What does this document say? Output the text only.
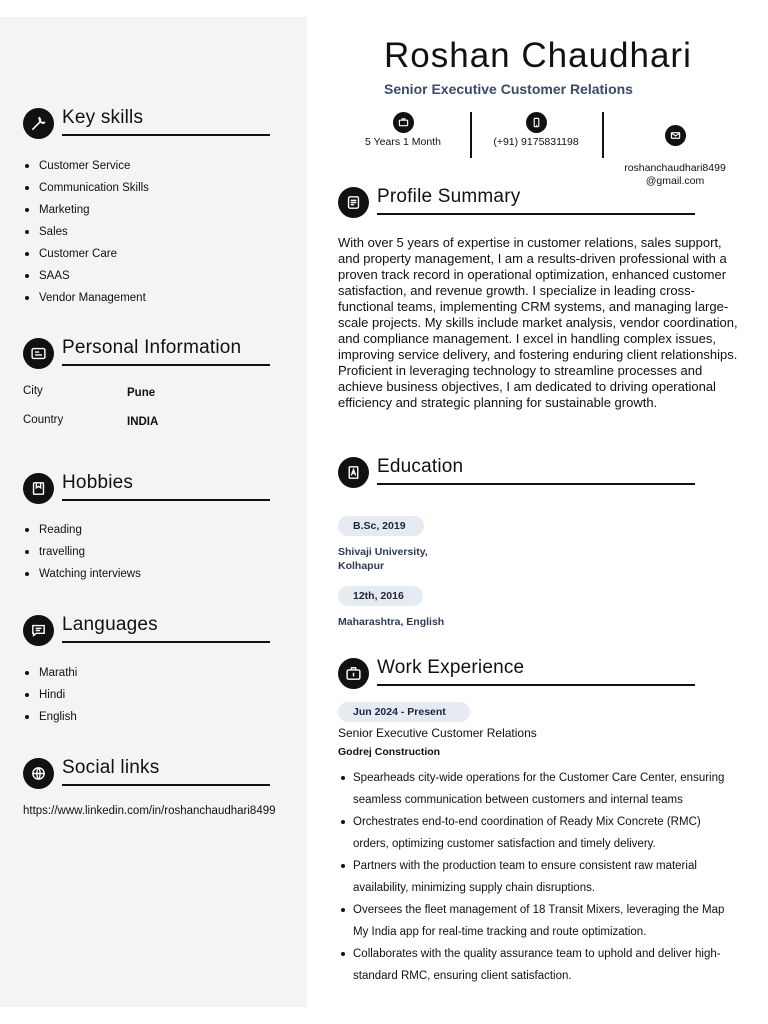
Key skills
Customer Service
Communication Skills
Marketing
Sales
Customer Care
SAAS
Vendor Management
Personal Information
City	Pune
Country	INDIA
Hobbies
Reading
travelling
Watching interviews
Languages
Marathi
Hindi
English
Social links
https://www.linkedin.com/in/roshanchaudhari8499
Roshan Chaudhari
Senior Executive Customer Relations
5 Years 1 Month	(+91) 9175831198

roshanchaudhari8499
@gmail.com

Profile Summary
With over 5 years of expertise in customer relations, sales support, and property management, I am a results-driven professional with a proven track record in operational optimization, enhanced customer satisfaction, and revenue growth. I specialize in leading cross-functional teams, implementing CRM systems, and managing large-scale projects. My skills include market analysis, vendor coordination, and compliance management. I excel in handling complex issues, improving service delivery, and fostering enduring client relationships. Proficient in leveraging technology to streamline processes and achieve business objectives, I am dedicated to driving operational efficiency and strategic planning for sustainable growth.
Education
B.Sc, 2019
Shivaji University,
Kolhapur
12th, 2016
Maharashtra, English
Work Experience
Jun 2024 - Present
Senior Executive Customer Relations
Godrej Construction
Spearheads city-wide operations for the Customer Care Center, ensuring seamless communication between customers and internal teams
Orchestrates end-to-end coordination of Ready Mix Concrete (RMC) orders, optimizing customer satisfaction and timely delivery.
Partners with the production team to ensure consistent raw material availability, minimizing supply chain disruptions.
Oversees the fleet management of 18 Transit Mixers, leveraging the Map My India app for real-time tracking and route optimization.
Collaborates with the quality assurance team to uphold and deliver high-standard RMC, ensuring client satisfaction.
